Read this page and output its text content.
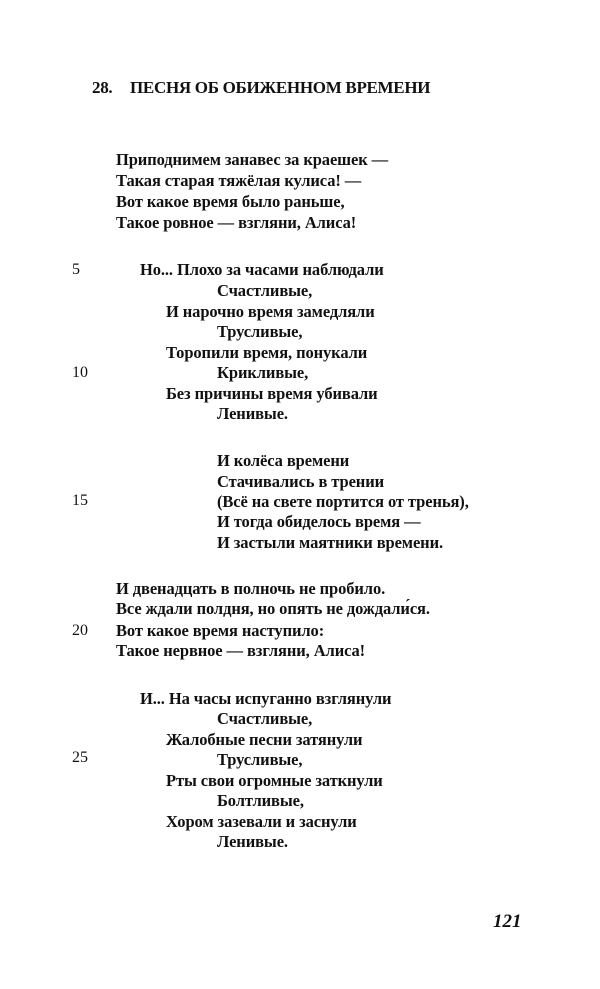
28. ПЕСНЯ ОБ ОБИЖЕННОМ ВРЕМЕНИ
5
10
15
20
25
Приподнимем занавес за краешек —
Такая старая тяжёлая кулиса! —
Вот какое время было раньше,
Такое ровное — взгляни, Алиса!
Но... Плохо за часами наблюдали
Счастливые,
И нарочно время замедляли
Трусливые,
Торопили время, понукали
Крикливые,
Без причины время убивали
Ленивые.
И колёса времени
Стачивались в трении
(Всё на свете портится от тренья),
И тогда обиделось время —
И застыли маятники времени.
И двенадцать в полночь не пробило.
Все ждали полдня, но опять не дождали́ся.
Вот какое время наступило:
Такое нервное — взгляни, Алиса!
И... На часы испуганно взглянули
Счастливые,
Жалобные песни затянули
Трусливые,
Рты свои огромные заткнули
Болтливые,
Хором зазевали и заснули
Ленивые.
121
